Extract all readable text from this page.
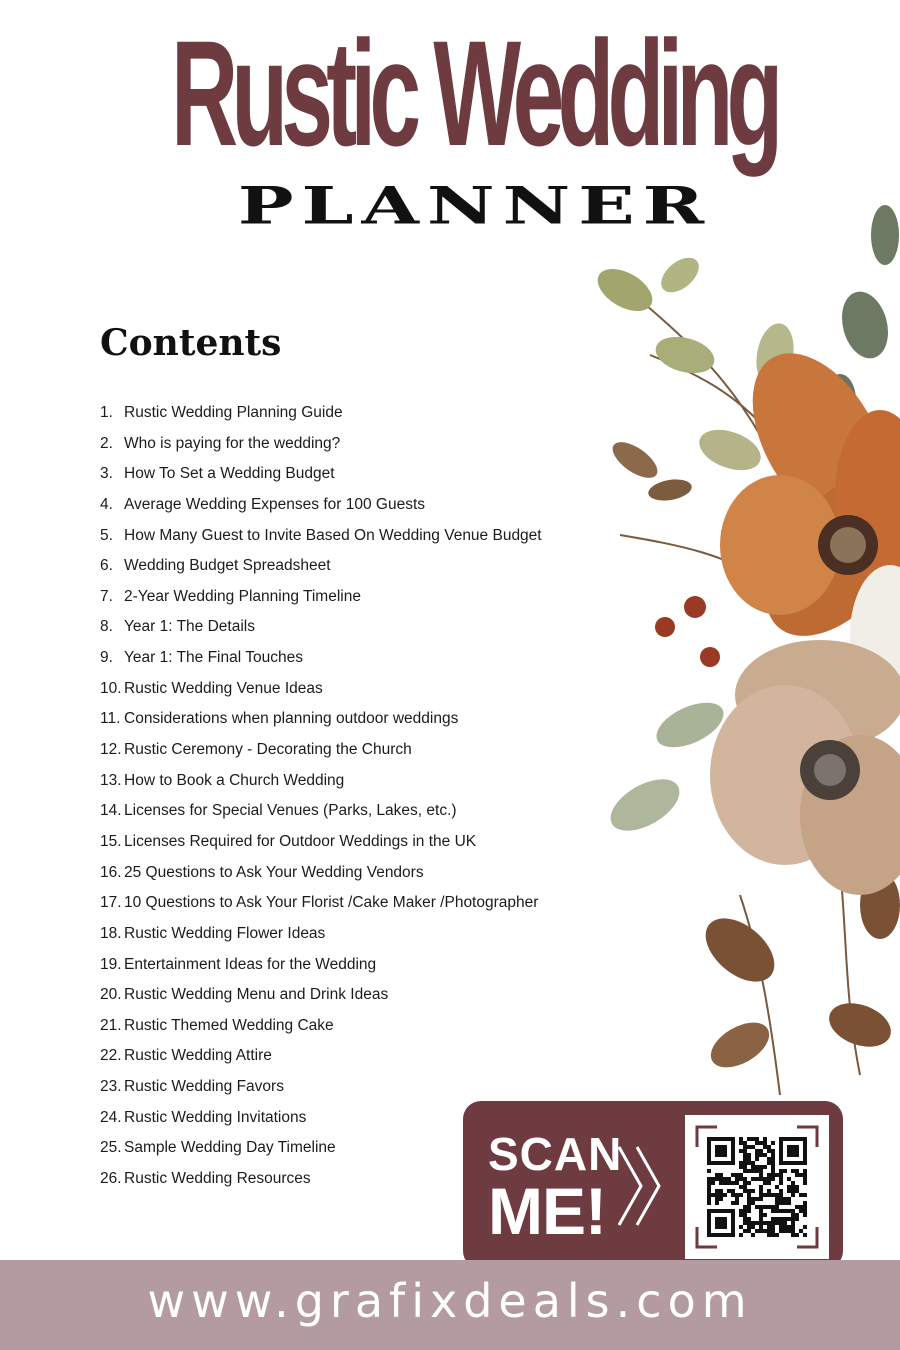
Rustic Wedding
PLANNER
Contents
1. Rustic Wedding Planning Guide
2. Who is paying for the wedding?
3. How To Set a Wedding Budget
4. Average Wedding Expenses for 100 Guests
5. How Many Guest to Invite Based On Wedding Venue Budget
6. Wedding Budget Spreadsheet
7. 2-Year Wedding Planning Timeline
8. Year 1: The Details
9. Year 1: The Final Touches
10. Rustic Wedding Venue Ideas
11. Considerations when planning outdoor weddings
12. Rustic Ceremony - Decorating the Church
13. How to Book a Church Wedding
14. Licenses for Special Venues (Parks, Lakes, etc.)
15. Licenses Required for Outdoor Weddings in the UK
16. 25 Questions to Ask Your Wedding Vendors
17. 10 Questions to Ask Your Florist /Cake Maker /Photographer
18. Rustic Wedding Flower Ideas
19. Entertainment Ideas for the Wedding
20. Rustic Wedding Menu and Drink Ideas
21. Rustic Themed Wedding Cake
22. Rustic Wedding Attire
23. Rustic Wedding Favors
24. Rustic Wedding Invitations
25. Sample Wedding Day Timeline
26. Rustic Wedding Resources	SCAN
ME!
www.grafixdeals.com
